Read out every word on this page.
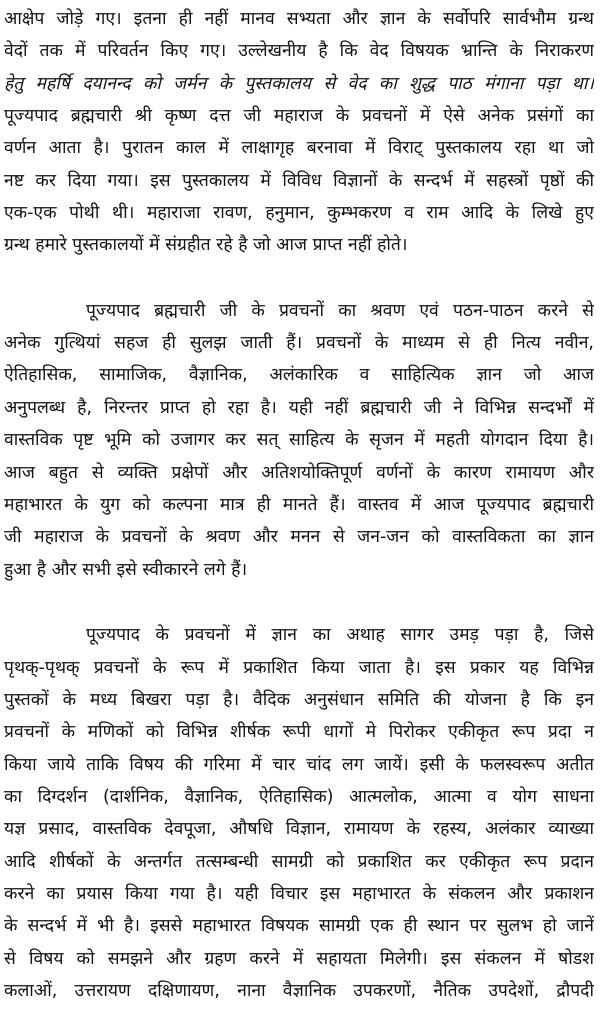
आक्षेप जोड़े गए। इतना ही नहीं मानव सभ्यता और ज्ञान के सर्वोपरि सार्वभौम ग्रन्थ
वेदों तक में परिवर्तन किए गए। उल्लेखनीय है कि वेद विषयक भ्रान्ति के निराकरण
हेतु महर्षि दयानन्द को जर्मन के पुस्तकालय से वेद का शुद्ध पाठ मंगाना पड़ा था।
पूज्यपाद ब्रह्मचारी श्री कृष्ण दत्त जी महाराज के प्रवचनों में ऐसे अनेक प्रसंगों का
वर्णन आता है। पुरातन काल में लाक्षागृह बरनावा में विराट् पुस्तकालय रहा था जो
नष्ट कर दिया गया। इस पुस्तकालय में विविध विज्ञानों के सन्दर्भ में सहस्त्रों पृष्ठों की
एक-एक पोथी थी। महाराजा रावण, हनुमान, कुम्भकरण व राम आदि के लिखे हुए
ग्रन्थ हमारे पुस्तकालयों में संग्रहीत रहे है जो आज प्राप्त नहीं होते।
पूज्यपाद ब्रह्मचारी जी के प्रवचनों का श्रवण एवं पठन-पाठन करने से
अनेक गुत्थियां सहज ही सुलझ जाती हैं। प्रवचनों के माध्यम से ही नित्य नवीन,
ऐतिहासिक, सामाजिक, वैज्ञानिक, अलंकारिक व साहित्यिक ज्ञान जो आज
अनुपलब्ध है, निरन्तर प्राप्त हो रहा है। यही नहीं ब्रह्मचारी जी ने विभिन्न सन्दर्भों में
वास्तविक पृष्ट भूमि को उजागर कर सत् साहित्य के सृजन में महती योगदान दिया है।
आज बहुत से व्यक्ति प्रक्षेपों और अतिशयोक्तिपूर्ण वर्णनों के कारण रामायण और
महाभारत के युग को कल्पना मात्र ही मानते हैं। वास्तव में आज पूज्यपाद ब्रह्मचारी
जी महाराज के प्रवचनों के श्रवण और मनन से जन-जन को वास्तविकता का ज्ञान
हुआ है और सभी इसे स्वीकारने लगे हैं।
पूज्यपाद के प्रवचनों में ज्ञान का अथाह सागर उमड़ पड़ा है, जिसे
पृथक्-पृथक् प्रवचनों के रूप में प्रकाशित किया जाता है। इस प्रकार यह विभिन्न
पुस्तकों के मध्य बिखरा पड़ा है। वैदिक अनुसंधान समिति की योजना है कि इन
प्रवचनों के मणिकों को विभिन्न शीर्षक रूपी धागों मे पिरोकर एकीकृत रूप प्रदा न
किया जाये ताकि विषय की गरिमा में चार चांद लग जायें। इसी के फलस्वरूप अतीत
का दिग्दर्शन (दार्शनिक, वैज्ञानिक, ऐतिहासिक) आत्मलोक, आत्मा व योग साधना
यज्ञ प्रसाद, वास्तविक देवपूजा, औषधि विज्ञान, रामायण के रहस्य, अलंकार व्याख्या
आदि शीर्षकों के अन्तर्गत तत्सम्बन्धी सामग्री को प्रकाशित कर एकीकृत रूप प्रदान
करने का प्रयास किया गया है। यही विचार इस महाभारत के संकलन और प्रकाशन
के सन्दर्भ में भी है। इससे महाभारत विषयक सामग्री एक ही स्थान पर सुलभ हो जानें
से विषय को समझने और ग्रहण करने में सहायता मिलेगी। इस संकलन में षोडश
कलाओं, उत्तरायण दक्षिणायण, नाना वैज्ञानिक उपकरणों, नैतिक उपदेशों, द्रौपदी
